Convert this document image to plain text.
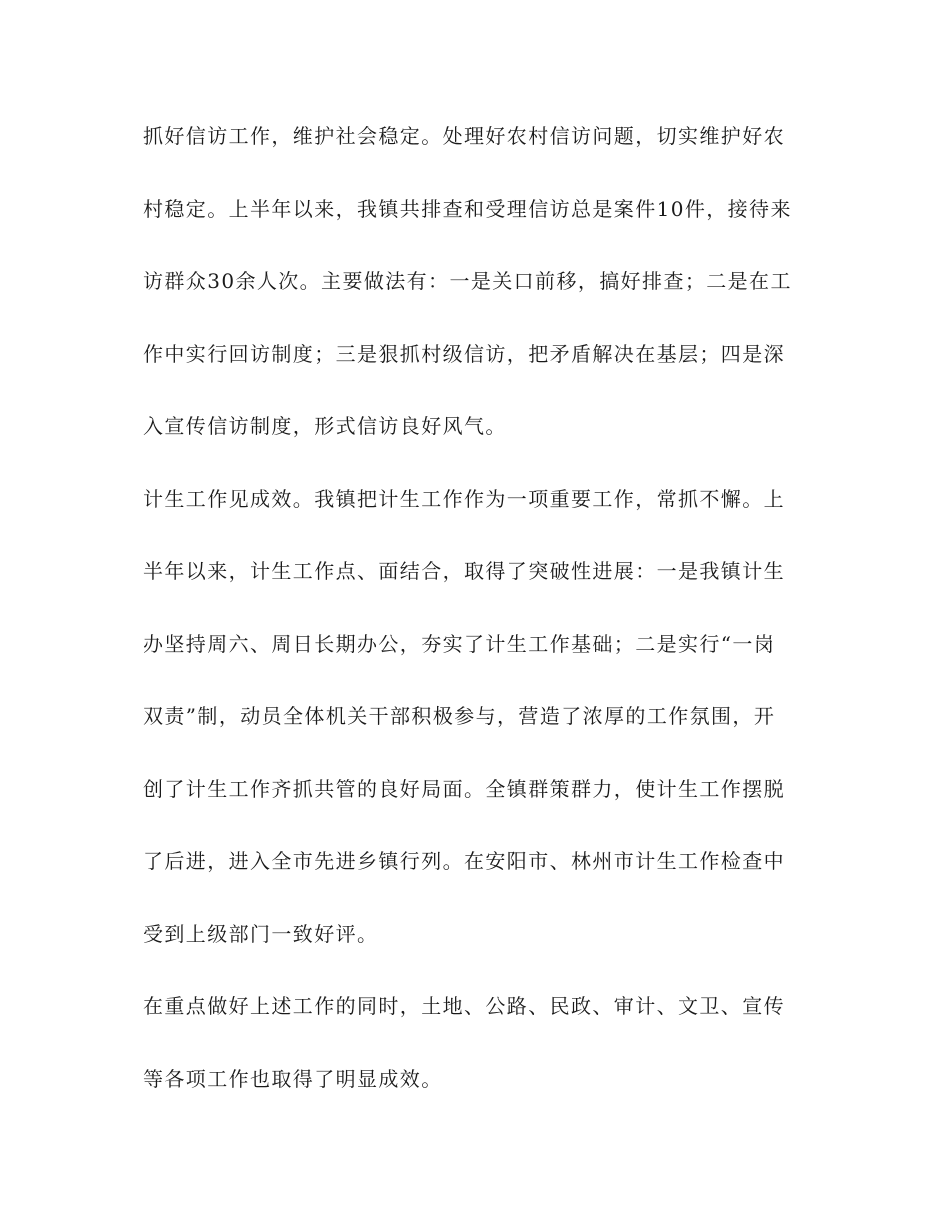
抓好信访工作，维护社会稳定。处理好农村信访问题，切实维护好农
村稳定。上半年以来，我镇共排查和受理信访总是案件10件，接待来
访群众30余人次。主要做法有：一是关口前移，搞好排查；二是在工
作中实行回访制度；三是狠抓村级信访，把矛盾解决在基层；四是深
入宣传信访制度，形式信访良好风气。
计生工作见成效。我镇把计生工作作为一项重要工作，常抓不懈。上
半年以来，计生工作点、面结合，取得了突破性进展：一是我镇计生
办坚持周六、周日长期办公，夯实了计生工作基础；二是实行“一岗
双责”制，动员全体机关干部积极参与，营造了浓厚的工作氛围，开
创了计生工作齐抓共管的良好局面。全镇群策群力，使计生工作摆脱
了后进，进入全市先进乡镇行列。在安阳市、林州市计生工作检查中
受到上级部门一致好评。
在重点做好上述工作的同时，土地、公路、民政、审计、文卫、宣传
等各项工作也取得了明显成效。
